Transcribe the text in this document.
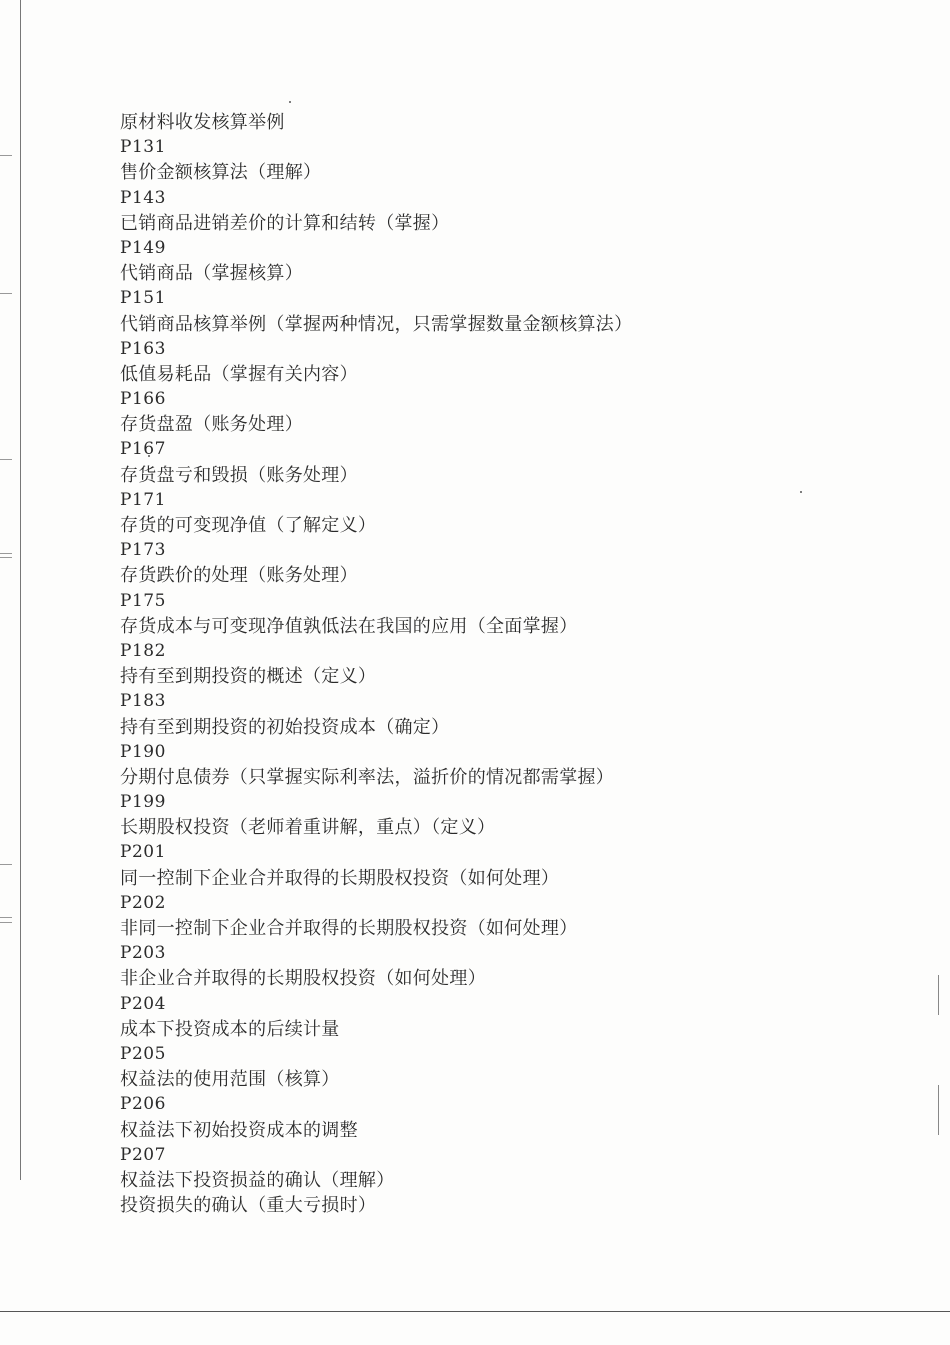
原材料收发核算举例
P131
售价金额核算法（理解）
P143
已销商品进销差价的计算和结转（掌握）
P149
代销商品（掌握核算）
P151
代销商品核算举例（掌握两种情况，只需掌握数量金额核算法）
P163
低值易耗品（掌握有关内容）
P166
存货盘盈（账务处理）
P167
存货盘亏和毁损（账务处理）
P171
存货的可变现净值（了解定义）
P173
存货跌价的处理（账务处理）
P175
存货成本与可变现净值孰低法在我国的应用（全面掌握）
P182
持有至到期投资的概述（定义）
P183
持有至到期投资的初始投资成本（确定）
P190
分期付息债券（只掌握实际利率法，溢折价的情况都需掌握）
P199
长期股权投资（老师着重讲解，重点）（定义）
P201
同一控制下企业合并取得的长期股权投资（如何处理）
P202
非同一控制下企业合并取得的长期股权投资（如何处理）
P203
非企业合并取得的长期股权投资（如何处理）
P204
成本下投资成本的后续计量
P205
权益法的使用范围（核算）
P206
权益法下初始投资成本的调整
P207
权益法下投资损益的确认（理解）
投资损失的确认（重大亏损时）
